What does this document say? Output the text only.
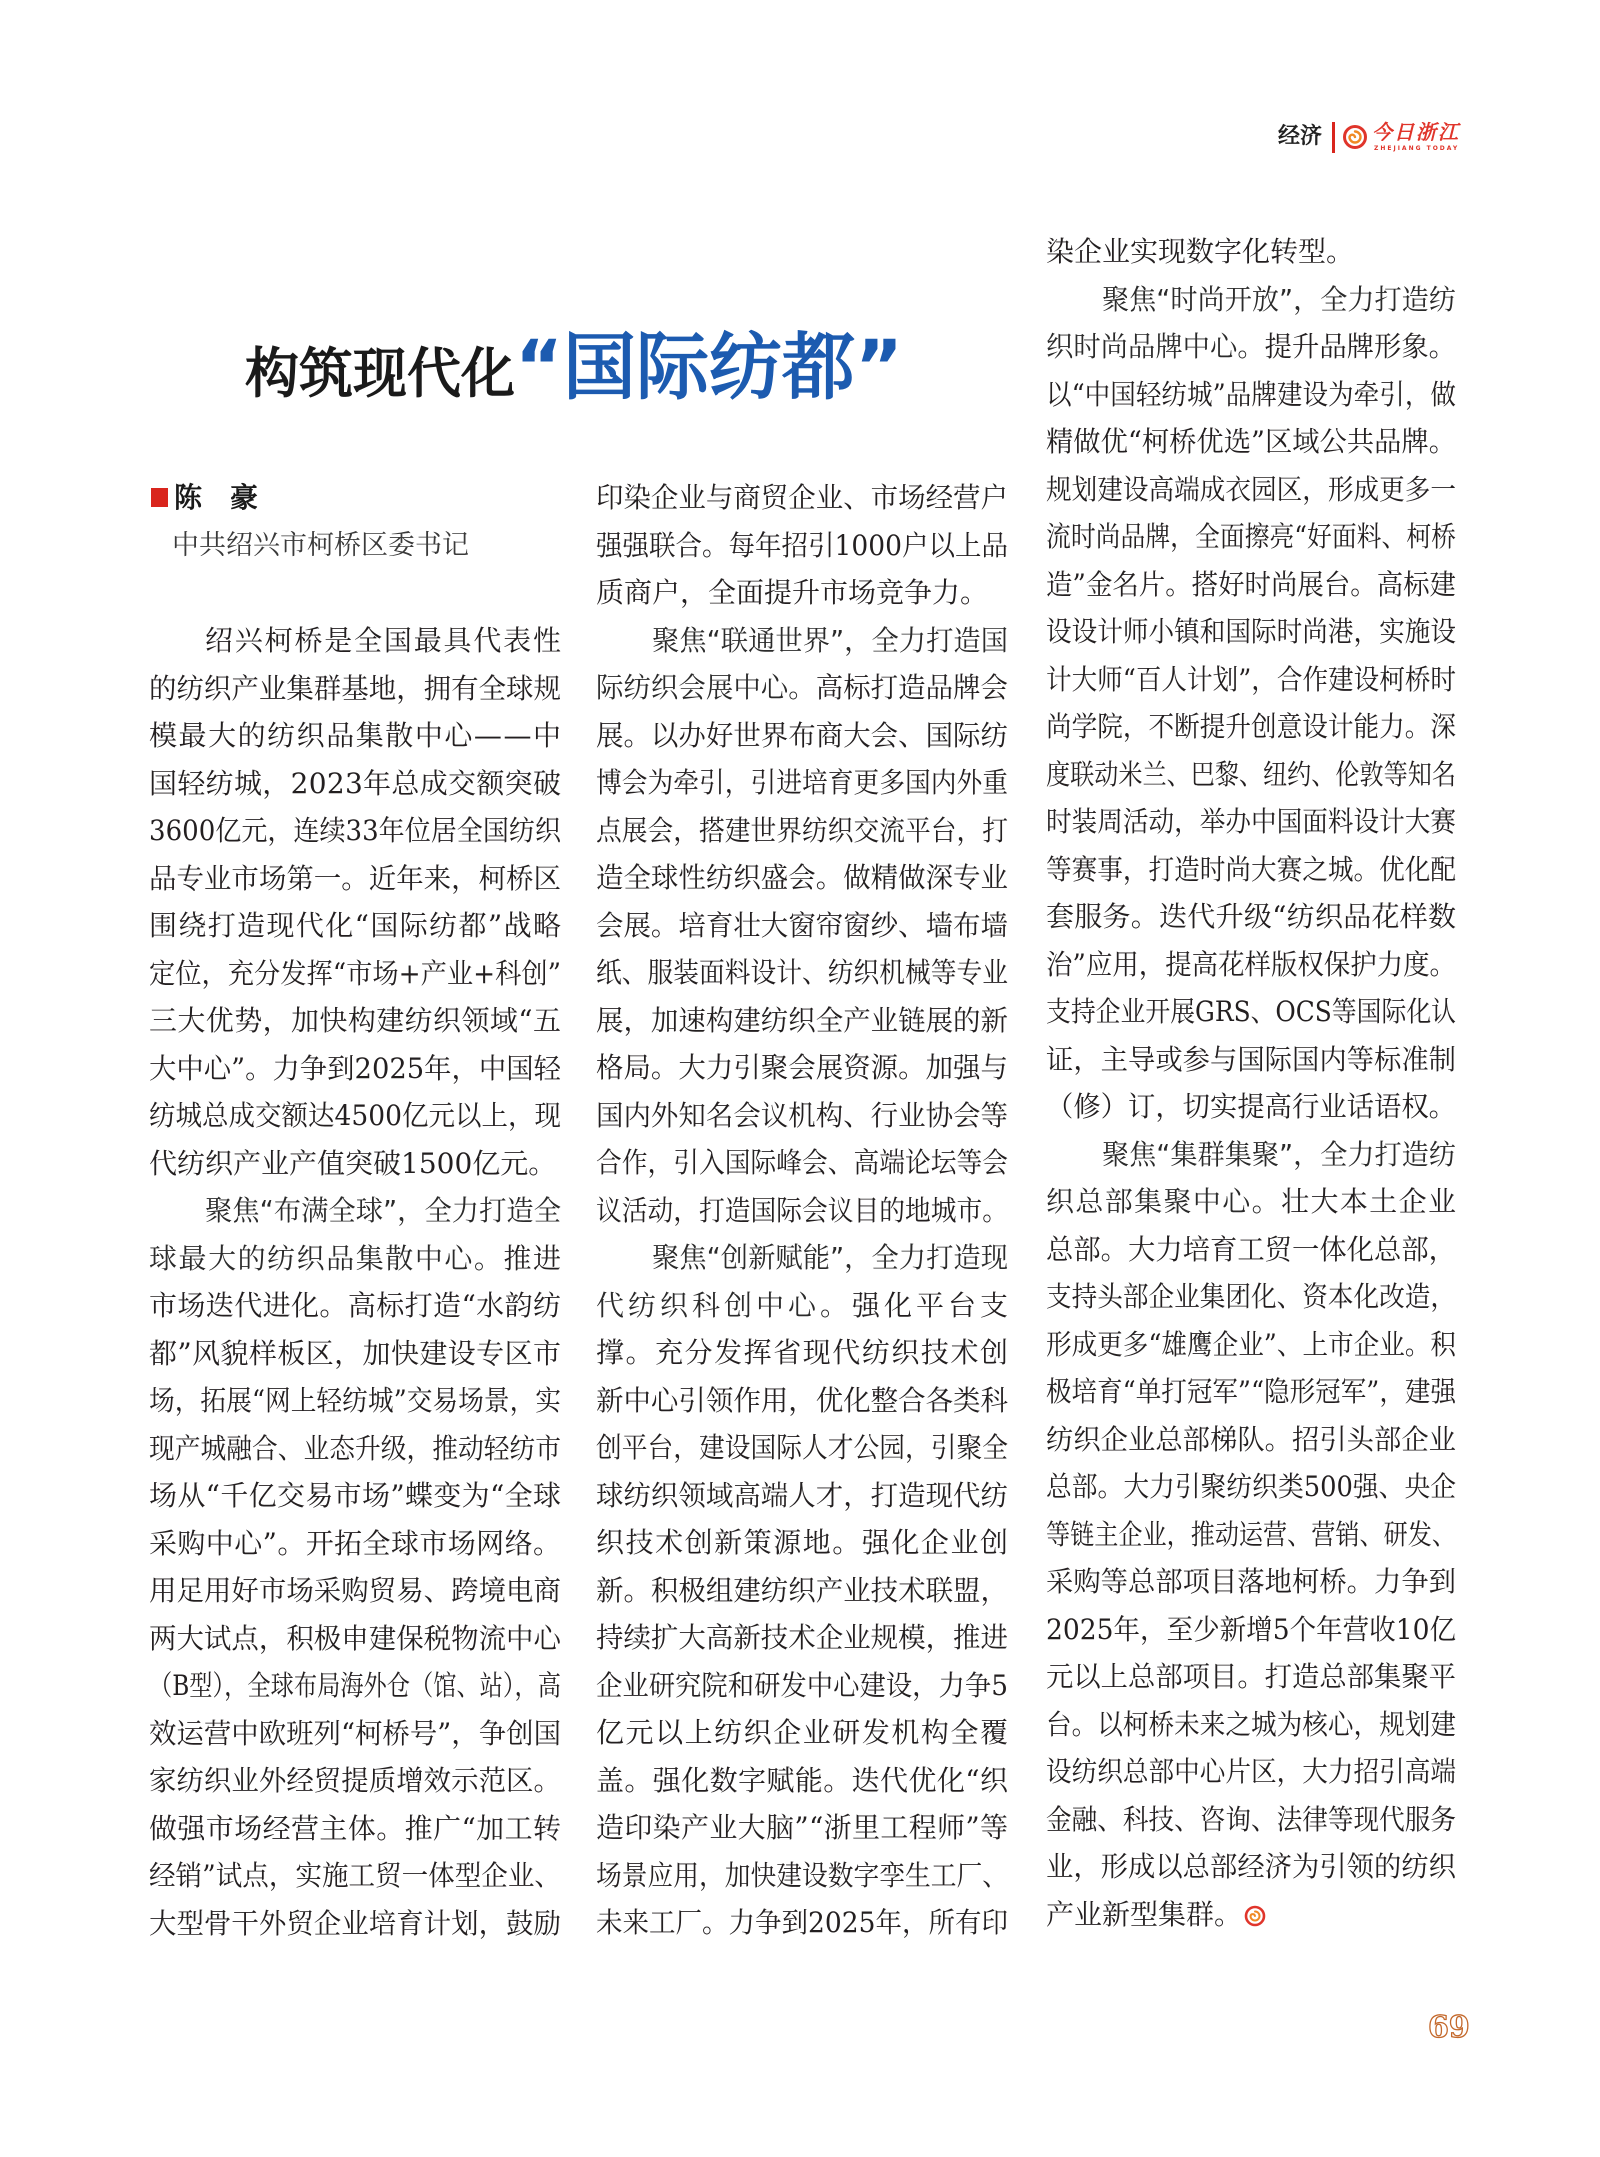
经济 今日浙江
ZHEJIANG TODAY
构筑现代化“国际纺都”
陈　豪
中共绍兴市柯桥区委书记
绍兴柯桥是全国最具代表性
的纺织产业集群基地，拥有全球规
模最大的纺织品集散中心——中
国轻纺城，2023年总成交额突破
3600亿元，连续33年位居全国纺织
品专业市场第一。近年来，柯桥区
围绕打造现代化“国际纺都”战略
定位，充分发挥“市场+产业+科创”
三大优势，加快构建纺织领域“五
大中心”。力争到2025年，中国轻
纺城总成交额达4500亿元以上，现
代纺织产业产值突破1500亿元。
聚焦“布满全球”，全力打造全
球最大的纺织品集散中心。推进
市场迭代进化。高标打造“水韵纺
都”风貌样板区，加快建设专区市
场，拓展“网上轻纺城”交易场景，实
现产城融合、业态升级，推动轻纺市
场从“千亿交易市场”蝶变为“全球
采购中心”。开拓全球市场网络。
用足用好市场采购贸易、跨境电商
两大试点，积极申建保税物流中心
（B型），全球布局海外仓（馆、站），高
效运营中欧班列“柯桥号”，争创国
家纺织业外经贸提质增效示范区。
做强市场经营主体。推广“加工转
经销”试点，实施工贸一体型企业、
大型骨干外贸企业培育计划，鼓励
印染企业与商贸企业、市场经营户
强强联合。每年招引1000户以上品
质商户，全面提升市场竞争力。
聚焦“联通世界”，全力打造国
际纺织会展中心。高标打造品牌会
展。以办好世界布商大会、国际纺
博会为牵引，引进培育更多国内外重
点展会，搭建世界纺织交流平台，打
造全球性纺织盛会。做精做深专业
会展。培育壮大窗帘窗纱、墙布墙
纸、服装面料设计、纺织机械等专业
展，加速构建纺织全产业链展的新
格局。大力引聚会展资源。加强与
国内外知名会议机构、行业协会等
合作，引入国际峰会、高端论坛等会
议活动，打造国际会议目的地城市。
聚焦“创新赋能”，全力打造现
代纺织科创中心。强化平台支
撑。充分发挥省现代纺织技术创
新中心引领作用，优化整合各类科
创平台，建设国际人才公园，引聚全
球纺织领域高端人才，打造现代纺
织技术创新策源地。强化企业创
新。积极组建纺织产业技术联盟，
持续扩大高新技术企业规模，推进
企业研究院和研发中心建设，力争5
亿元以上纺织企业研发机构全覆
盖。强化数字赋能。迭代优化“织
造印染产业大脑”“浙里工程师”等
场景应用，加快建设数字孪生工厂、
未来工厂。力争到2025年，所有印
染企业实现数字化转型。
聚焦“时尚开放”，全力打造纺
织时尚品牌中心。提升品牌形象。
以“中国轻纺城”品牌建设为牵引，做
精做优“柯桥优选”区域公共品牌。
规划建设高端成衣园区，形成更多一
流时尚品牌，全面擦亮“好面料、柯桥
造”金名片。搭好时尚展台。高标建
设设计师小镇和国际时尚港，实施设
计大师“百人计划”，合作建设柯桥时
尚学院，不断提升创意设计能力。深
度联动米兰、巴黎、纽约、伦敦等知名
时装周活动，举办中国面料设计大赛
等赛事，打造时尚大赛之城。优化配
套服务。迭代升级“纺织品花样数
治”应用，提高花样版权保护力度。
支持企业开展GRS、OCS等国际化认
证，主导或参与国际国内等标准制
（修）订，切实提高行业话语权。
聚焦“集群集聚”，全力打造纺
织总部集聚中心。壮大本土企业
总部。大力培育工贸一体化总部，
支持头部企业集团化、资本化改造，
形成更多“雄鹰企业”、上市企业。积
极培育“单打冠军”“隐形冠军”，建强
纺织企业总部梯队。招引头部企业
总部。大力引聚纺织类500强、央企
等链主企业，推动运营、营销、研发、
采购等总部项目落地柯桥。力争到
2025年，至少新增5个年营收10亿
元以上总部项目。打造总部集聚平
台。以柯桥未来之城为核心，规划建
设纺织总部中心片区，大力招引高端
金融、科技、咨询、法律等现代服务
业，形成以总部经济为引领的纺织
产业新型集群。
69
